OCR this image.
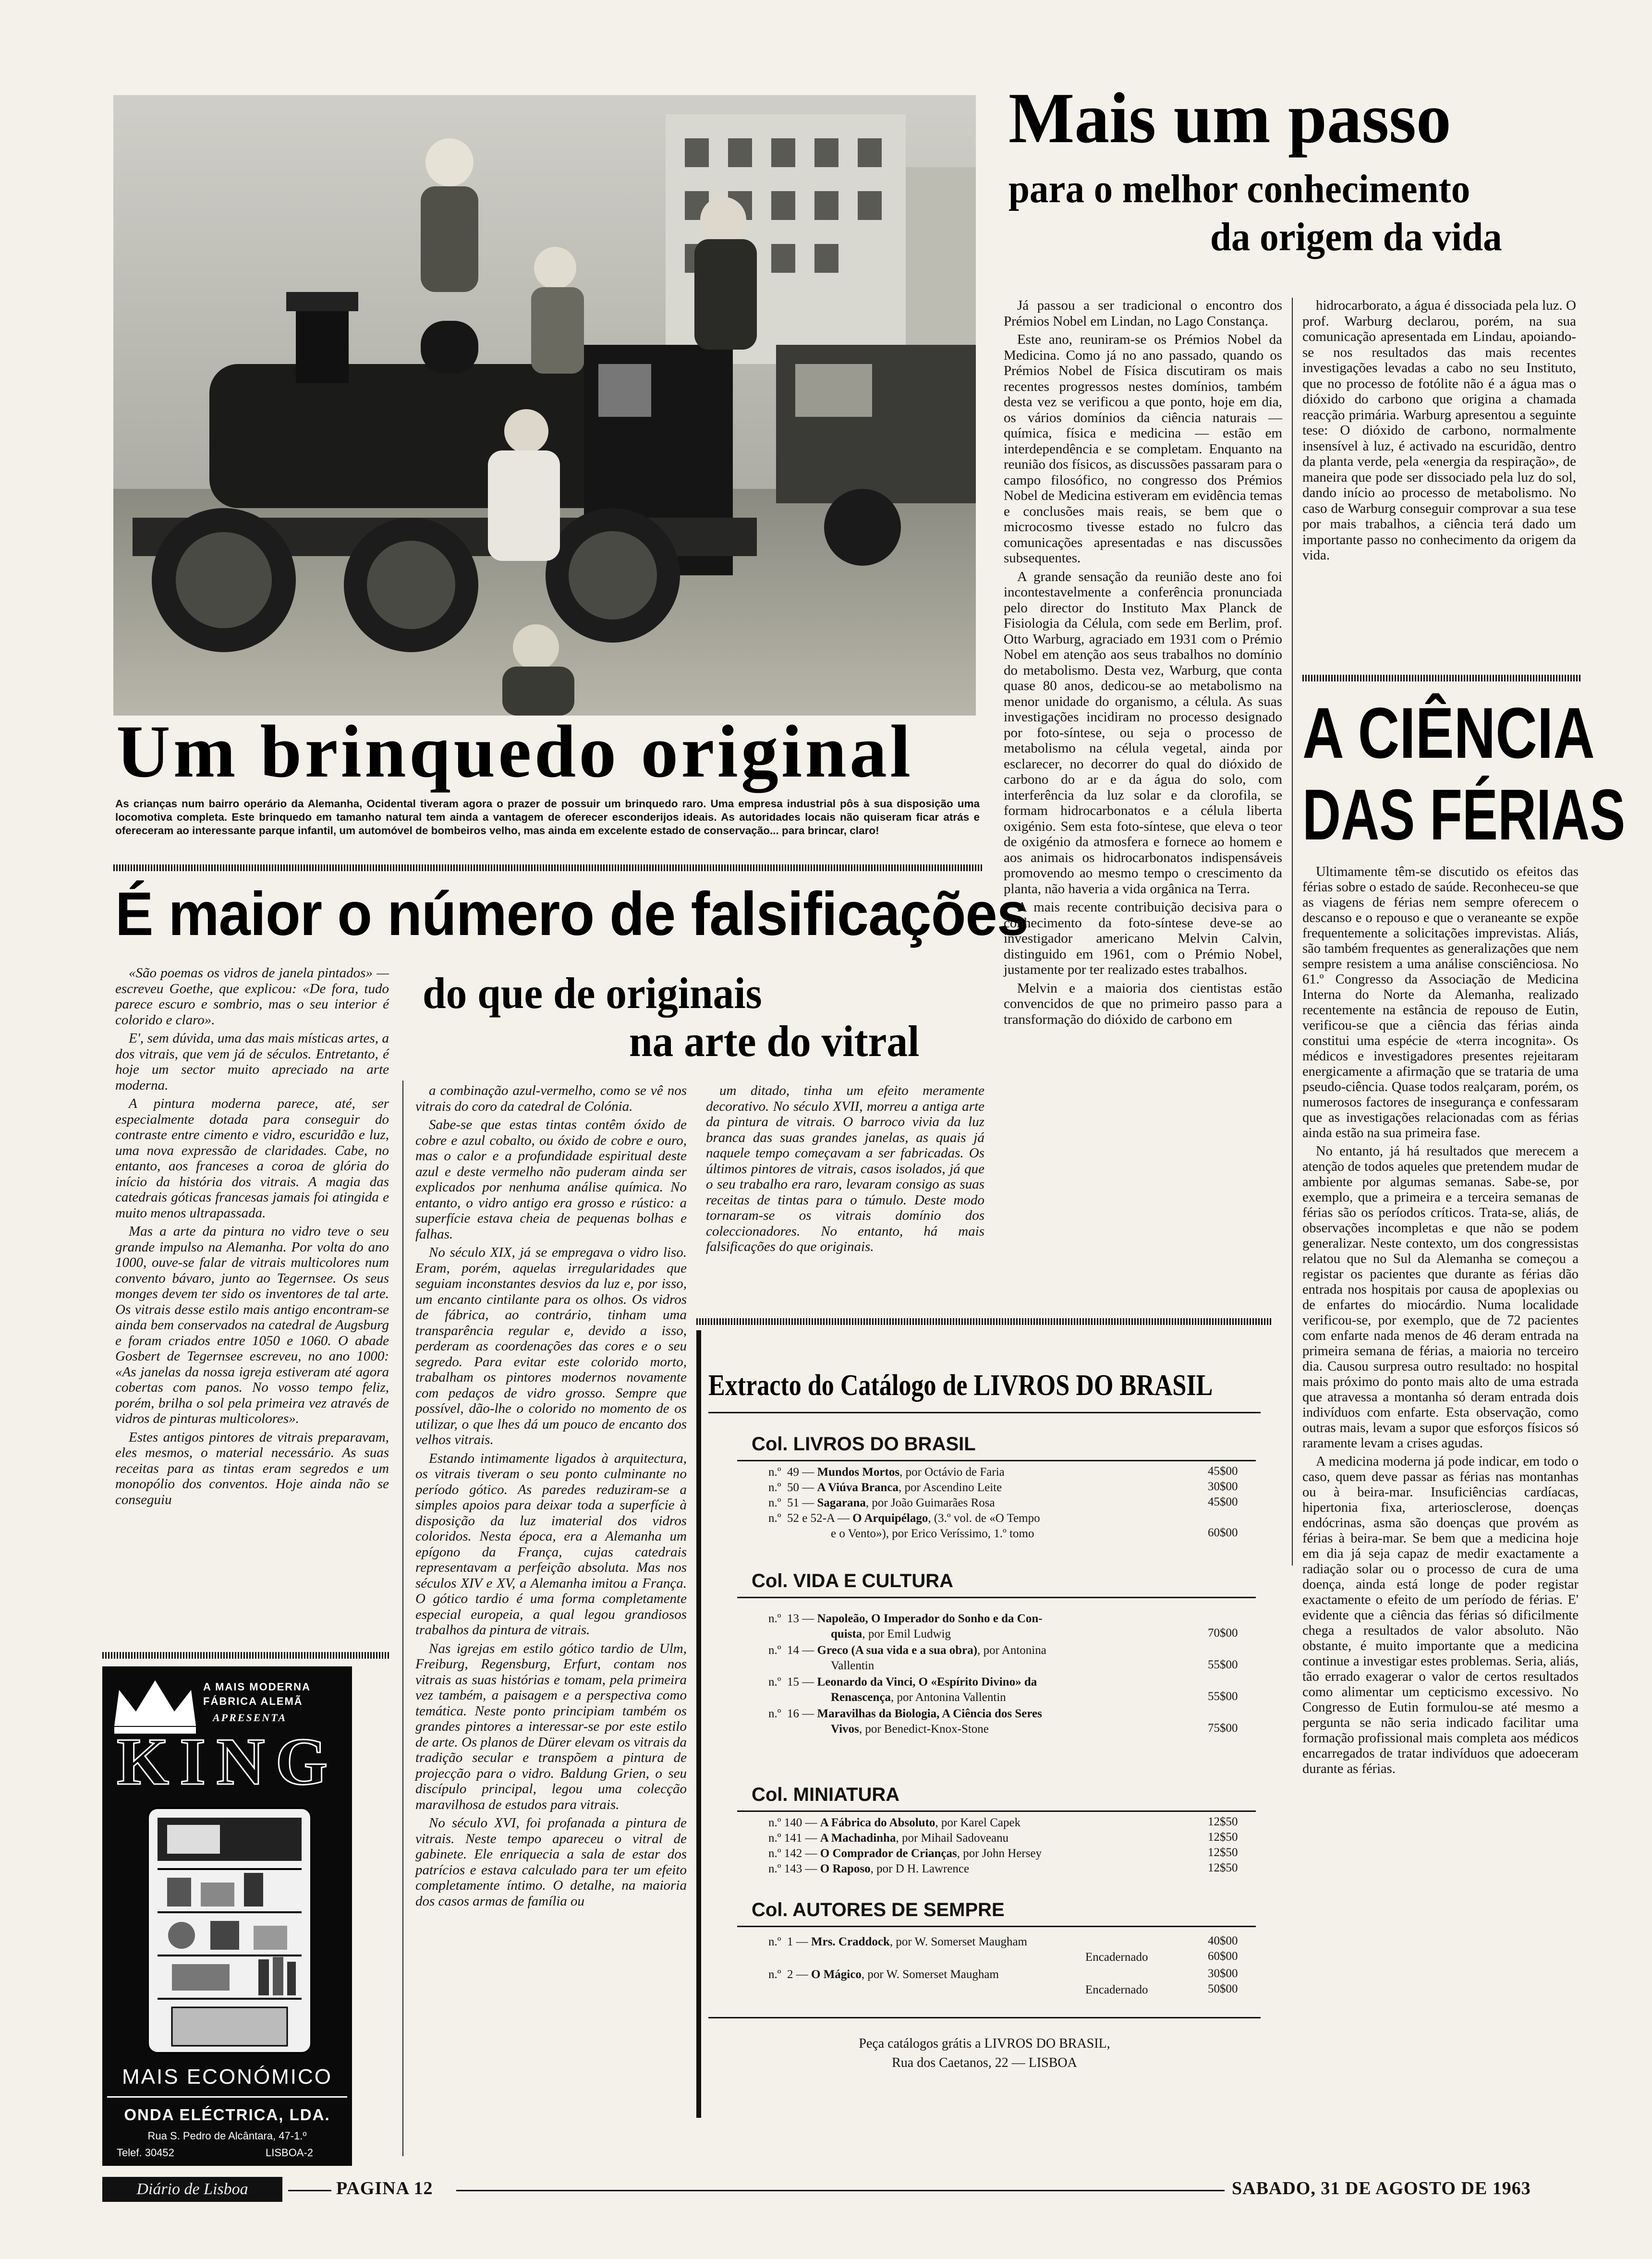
Um brinquedo original
As crianças num bairro operário da Alemanha, Ocidental tiveram agora o prazer de possuir um brinquedo raro. Uma empresa industrial pôs à sua disposição uma locomotiva completa. Este brinquedo em tamanho natural tem ainda a vantagem de oferecer esconderijos ideais. As autoridades locais não quiseram ficar atrás e ofereceram ao interessante parque infantil, um automóvel de bombeiros velho, mas ainda em excelente estado de conservação... para brincar, claro!
É maior o número de falsificações
do que de originais
na arte do vitral

«São poemas os vidros de janela pintados» — escreveu Goethe, que explicou: «De fora, tudo parece escuro e sombrio, mas o seu interior é colorido e claro».

E', sem dúvida, uma das mais místicas artes, a dos vitrais, que vem já de séculos. Entretanto, é hoje um sector muito apreciado na arte moderna.

A pintura moderna parece, até, ser especialmente dotada para conseguir do contraste entre cimento e vidro, escuridão e luz, uma nova expressão de claridades. Cabe, no entanto, aos franceses a coroa de glória do início da história dos vitrais. A magia das catedrais góticas francesas jamais foi atingida e muito menos ultrapassada.

Mas a arte da pintura no vidro teve o seu grande impulso na Alemanha. Por volta do ano 1000, ouve-se falar de vitrais multicolores num convento bávaro, junto ao Tegernsee. Os seus monges devem ter sido os inventores de tal arte. Os vitrais desse estilo mais antigo encontram-se ainda bem conservados na catedral de Augsburg e foram criados entre 1050 e 1060. O abade Gosbert de Tegernsee escreveu, no ano 1000: «As janelas da nossa igreja estiveram até agora cobertas com panos. No vosso tempo feliz, porém, brilha o sol pela primeira vez através de vidros de pinturas multicolores».

Estes antigos pintores de vitrais preparavam, eles mesmos, o material necessário. As suas receitas para as tintas eram segredos e um monopólio dos conventos. Hoje ainda não se conseguiu

a combinação azul-vermelho, como se vê nos vitrais do coro da catedral de Colónia.

Sabe-se que estas tintas contêm óxido de cobre e azul cobalto, ou óxido de cobre e ouro, mas o calor e a profundidade espiritual deste azul e deste vermelho não puderam ainda ser explicados por nenhuma análise química. No entanto, o vidro antigo era grosso e rústico: a superfície estava cheia de pequenas bolhas e falhas.

No século XIX, já se empregava o vidro liso. Eram, porém, aquelas irregularidades que seguiam inconstantes desvios da luz e, por isso, um encanto cintilante para os olhos. Os vidros de fábrica, ao contrário, tinham uma transparência regular e, devido a isso, perderam as coordenações das cores e o seu segredo. Para evitar este colorido morto, trabalham os pintores modernos novamente com pedaços de vidro grosso. Sempre que possível, dão-lhe o colorido no momento de os utilizar, o que lhes dá um pouco de encanto dos velhos vitrais.

Estando intimamente ligados à arquitectura, os vitrais tiveram o seu ponto culminante no período gótico. As paredes reduziram-se a simples apoios para deixar toda a superfície à disposição da luz imaterial dos vidros coloridos. Nesta época, era a Alemanha um epígono da França, cujas catedrais representavam a perfeição absoluta. Mas nos séculos XIV e XV, a Alemanha imitou a França. O gótico tardio é uma forma completamente especial europeia, a qual legou grandiosos trabalhos da pintura de vitrais.

Nas igrejas em estilo gótico tardio de Ulm, Freiburg, Regensburg, Erfurt, contam nos vitrais as suas histórias e tomam, pela primeira vez também, a paisagem e a perspectiva como temática. Neste ponto principiam também os grandes pintores a interessar-se por este estilo de arte. Os planos de Dürer elevam os vitrais da tradição secular e transpõem a pintura de projecção para o vidro. Baldung Grien, o seu discípulo principal, legou uma colecção maravilhosa de estudos para vitrais.

No século XVI, foi profanada a pintura de vitrais. Neste tempo apareceu o vitral de gabinete. Ele enriquecia a sala de estar dos patrícios e estava calculado para ter um efeito completamente íntimo. O detalhe, na maioria dos casos armas de família ou

um ditado, tinha um efeito meramente decorativo. No século XVII, morreu a antiga arte da pintura de vitrais. O barroco vivia da luz branca das suas grandes janelas, as quais já naquele tempo começavam a ser fabricadas. Os últimos pintores de vitrais, casos isolados, já que o seu trabalho era raro, levaram consigo as suas receitas de tintas para o túmulo. Deste modo tornaram-se os vitrais domínio dos coleccionadores. No entanto, há mais falsificações do que originais.

Mais um passo
para o melhor conhecimento
da origem da vida

Já passou a ser tradicional o encontro dos Prémios Nobel em Lindan, no Lago Constança.

Este ano, reuniram-se os Prémios Nobel da Medicina. Como já no ano passado, quando os Prémios Nobel de Física discutiram os mais recentes progressos nestes domínios, também desta vez se verificou a que ponto, hoje em dia, os vários domínios da ciência naturais — química, física e medicina — estão em interdependência e se completam. Enquanto na reunião dos físicos, as discussões passaram para o campo filosófico, no congresso dos Prémios Nobel de Medicina estiveram em evidência temas e conclusões mais reais, se bem que o microcosmo tivesse estado no fulcro das comunicações apresentadas e nas discussões subsequentes.

A grande sensação da reunião deste ano foi incontestavelmente a conferência pronunciada pelo director do Instituto Max Planck de Fisiologia da Célula, com sede em Berlim, prof. Otto Warburg, agraciado em 1931 com o Prémio Nobel em atenção aos seus trabalhos no domínio do metabolismo. Desta vez, Warburg, que conta quase 80 anos, dedicou-se ao metabolismo na menor unidade do organismo, a célula. As suas investigações incidiram no processo designado por foto-síntese, ou seja o processo de metabolismo na célula vegetal, ainda por esclarecer, no decorrer do qual do dióxido de carbono do ar e da água do solo, com interferência da luz solar e da clorofila, se formam hidrocarbonatos e a célula liberta oxigénio. Sem esta foto-síntese, que eleva o teor de oxigénio da atmosfera e fornece ao homem e aos animais os hidrocarbonatos indispensáveis promovendo ao mesmo tempo o crescimento da planta, não haveria a vida orgânica na Terra.

A mais recente contribuição decisiva para o conhecimento da foto-síntese deve-se ao investigador americano Melvin Calvin, distinguido em 1961, com o Prémio Nobel, justamente por ter realizado estes trabalhos.

Melvin e a maioria dos cientistas estão convencidos de que no primeiro passo para a transformação do dióxido de carbono em

hidrocarborato, a água é dissociada pela luz. O prof. Warburg declarou, porém, na sua comunicação apresentada em Lindau, apoiando-se nos resultados das mais recentes investigações levadas a cabo no seu Instituto, que no processo de fotólite não é a água mas o dióxido do carbono que origina a chamada reacção primária. Warburg apresentou a seguinte tese: O dióxido de carbono, normalmente insensível à luz, é activado na escuridão, dentro da planta verde, pela «energia da respiração», de maneira que pode ser dissociado pela luz do sol, dando início ao processo de metabolismo. No caso de Warburg conseguir comprovar a sua tese por mais trabalhos, a ciência terá dado um importante passo no conhecimento da origem da vida.

A CIÊNCIA
DAS FÉRIAS

Ultimamente têm-se discutido os efeitos das férias sobre o estado de saúde. Reconheceu-se que as viagens de férias nem sempre oferecem o descanso e o repouso e que o veraneante se expõe frequentemente a solicitações imprevistas. Aliás, são também frequentes as generalizações que nem sempre resistem a uma análise consciênciosa. No 61.º Congresso da Associação de Medicina Interna do Norte da Alemanha, realizado recentemente na estância de repouso de Eutin, verificou-se que a ciência das férias ainda constitui uma espécie de «terra incognita». Os médicos e investigadores presentes rejeitaram energicamente a afirmação que se trataria de uma pseudo-ciência. Quase todos realçaram, porém, os numerosos factores de insegurança e confessaram que as investigações relacionadas com as férias ainda estão na sua primeira fase.

No entanto, já há resultados que merecem a atenção de todos aqueles que pretendem mudar de ambiente por algumas semanas. Sabe-se, por exemplo, que a primeira e a terceira semanas de férias são os períodos críticos. Trata-se, aliás, de observações incompletas e que não se podem generalizar. Neste contexto, um dos congressistas relatou que no Sul da Alemanha se começou a registar os pacientes que durante as férias dão entrada nos hospitais por causa de apoplexias ou de enfartes do miocárdio. Numa localidade verificou-se, por exemplo, que de 72 pacientes com enfarte nada menos de 46 deram entrada na primeira semana de férias, a maioria no terceiro dia. Causou surpresa outro resultado: no hospital mais próximo do ponto mais alto de uma estrada que atravessa a montanha só deram entrada dois indivíduos com enfarte. Esta observação, como outras mais, levam a supor que esforços físicos só raramente levam a crises agudas.

A medicina moderna já pode indicar, em todo o caso, quem deve passar as férias nas montanhas ou à beira-mar. Insuficiências cardíacas, hipertonia fixa, arteriosclerose, doenças endócrinas, asma são doenças que provém as férias à beira-mar. Se bem que a medicina hoje em dia já seja capaz de medir exactamente a radiação solar ou o processo de cura de uma doença, ainda está longe de poder registar exactamente o efeito de um período de férias. E' evidente que a ciência das férias só dificilmente chega a resultados de valor absoluto. Não obstante, é muito importante que a medicina continue a investigar estes problemas. Seria, aliás, tão errado exagerar o valor de certos resultados como alimentar um cepticismo excessivo. No Congresso de Eutin formulou-se até mesmo a pergunta se não seria indicado facilitar uma formação profissional mais completa aos médicos encarregados de tratar indivíduos que adoeceram durante as férias.

Extracto do Catálogo de LIVROS DO BRASIL
Col. LIVROS DO BRASIL
n.º 49 — Mundos Mortos, por Octávio de Faria	45$00
n.º 50 — A Viúva Branca, por Ascendino Leite	30$00
n.º 51 — Sagarana, por João Guimarães Rosa	45$00
n.º 52 e 52-A — O Arquipélago, (3.º vol. de «O Tempo
e o Vento»), por Erico Veríssimo, 1.º tomo	60$00
Col. VIDA E CULTURA
n.º 13 — Napoleão, O Imperador do Sonho e da Con-
quista, por Emil Ludwig	70$00
n.º 14 — Greco (A sua vida e a sua obra), por Antonina
Vallentin	55$00
n.º 15 — Leonardo da Vinci, O «Espírito Divino» da
Renascença, por Antonina Vallentin	55$00
n.º 16 — Maravilhas da Biologia, A Ciência dos Seres
Vivos, por Benedict-Knox-Stone	75$00
Col. MINIATURA
n.º 140 — A Fábrica do Absoluto, por Karel Capek	12$50
n.º 141 — A Machadinha, por Mihail Sadoveanu	12$50
n.º 142 — O Comprador de Crianças, por John Hersey	12$50
n.º 143 — O Raposo, por D H. Lawrence	12$50
Col. AUTORES DE SEMPRE
n.º 1 — Mrs. Craddock, por W. Somerset Maugham	40$00
Encadernado	60$00
n.º 2 — O Mágico, por W. Somerset Maugham	30$00
Encadernado	50$00
Peça catálogos grátis a LIVROS DO BRASIL,
Rua dos Caetanos, 22 — LISBOA
A MAIS MODERNA
FÁBRICA ALEMÃ
APRESENTA
KING
MAIS ECONÓMICO
ONDA ELÉCTRICA, LDA.
Rua S. Pedro de Alcântara, 47-1.º
Telef. 30452	LISBOA-2
Diário de Lisboa	PAGINA 12	SABADO, 31 DE AGOSTO DE 1963
